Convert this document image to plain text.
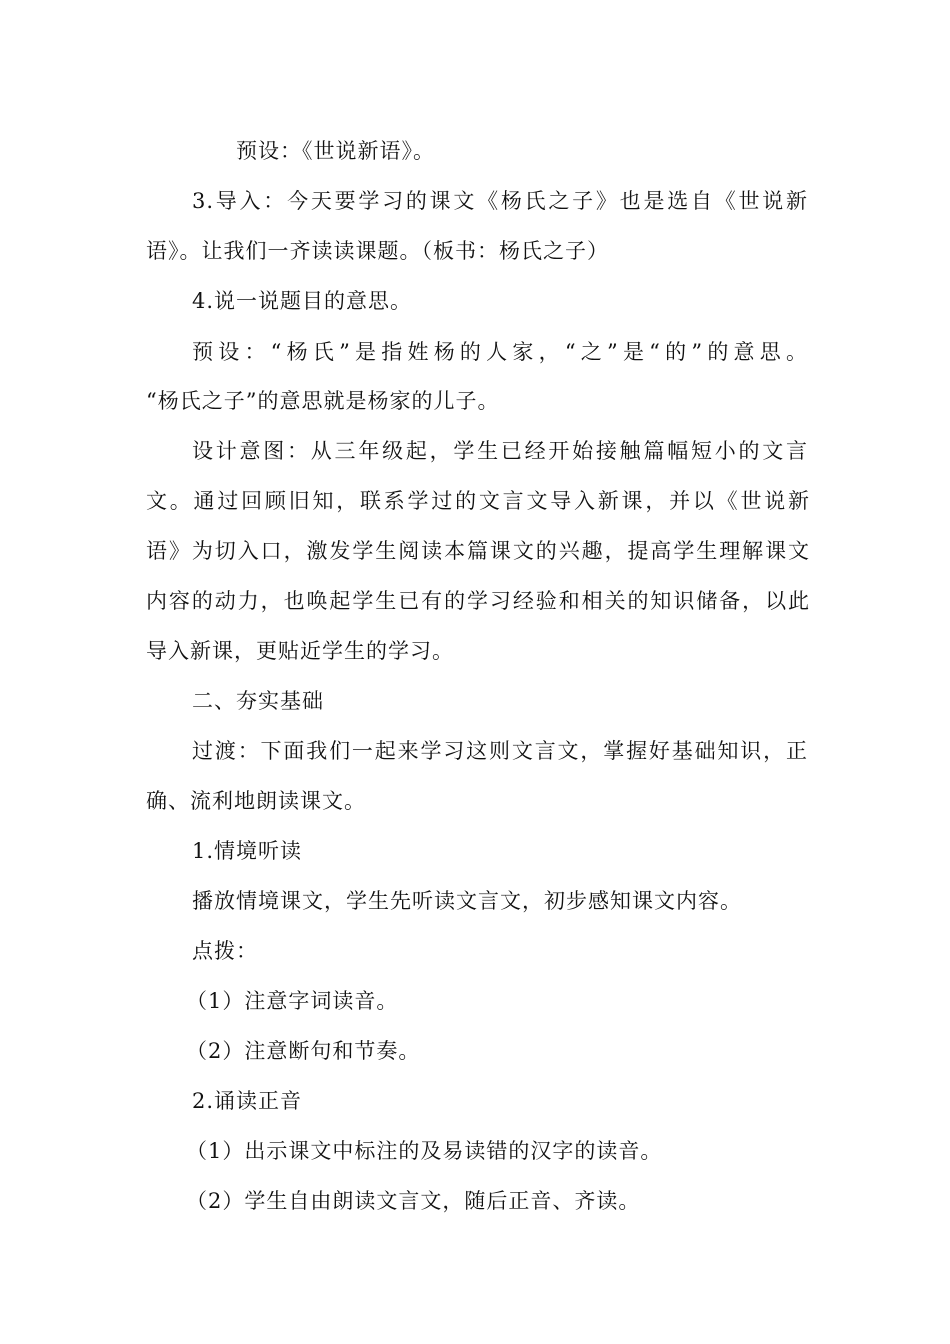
预设：《世说新语》。
3.导入：今天要学习的课文《杨氏之子》也是选自《世说新
语》。让我们一齐读读课题。（板书：杨氏之子）
4.说一说题目的意思。
预设：“杨氏”是指姓杨的人家，“之”是“的”的意思。
“杨氏之子”的意思就是杨家的儿子。
设计意图：从三年级起，学生已经开始接触篇幅短小的文言
文。通过回顾旧知，联系学过的文言文导入新课，并以《世说新
语》为切入口，激发学生阅读本篇课文的兴趣，提高学生理解课文
内容的动力，也唤起学生已有的学习经验和相关的知识储备，以此
导入新课，更贴近学生的学习。
二、夯实基础
过渡：下面我们一起来学习这则文言文，掌握好基础知识，正
确、流利地朗读课文。
1.情境听读
播放情境课文，学生先听读文言文，初步感知课文内容。
点拨：
（1）注意字词读音。
（2）注意断句和节奏。
2.诵读正音
（1）出示课文中标注的及易读错的汉字的读音。
（2）学生自由朗读文言文，随后正音、齐读。
